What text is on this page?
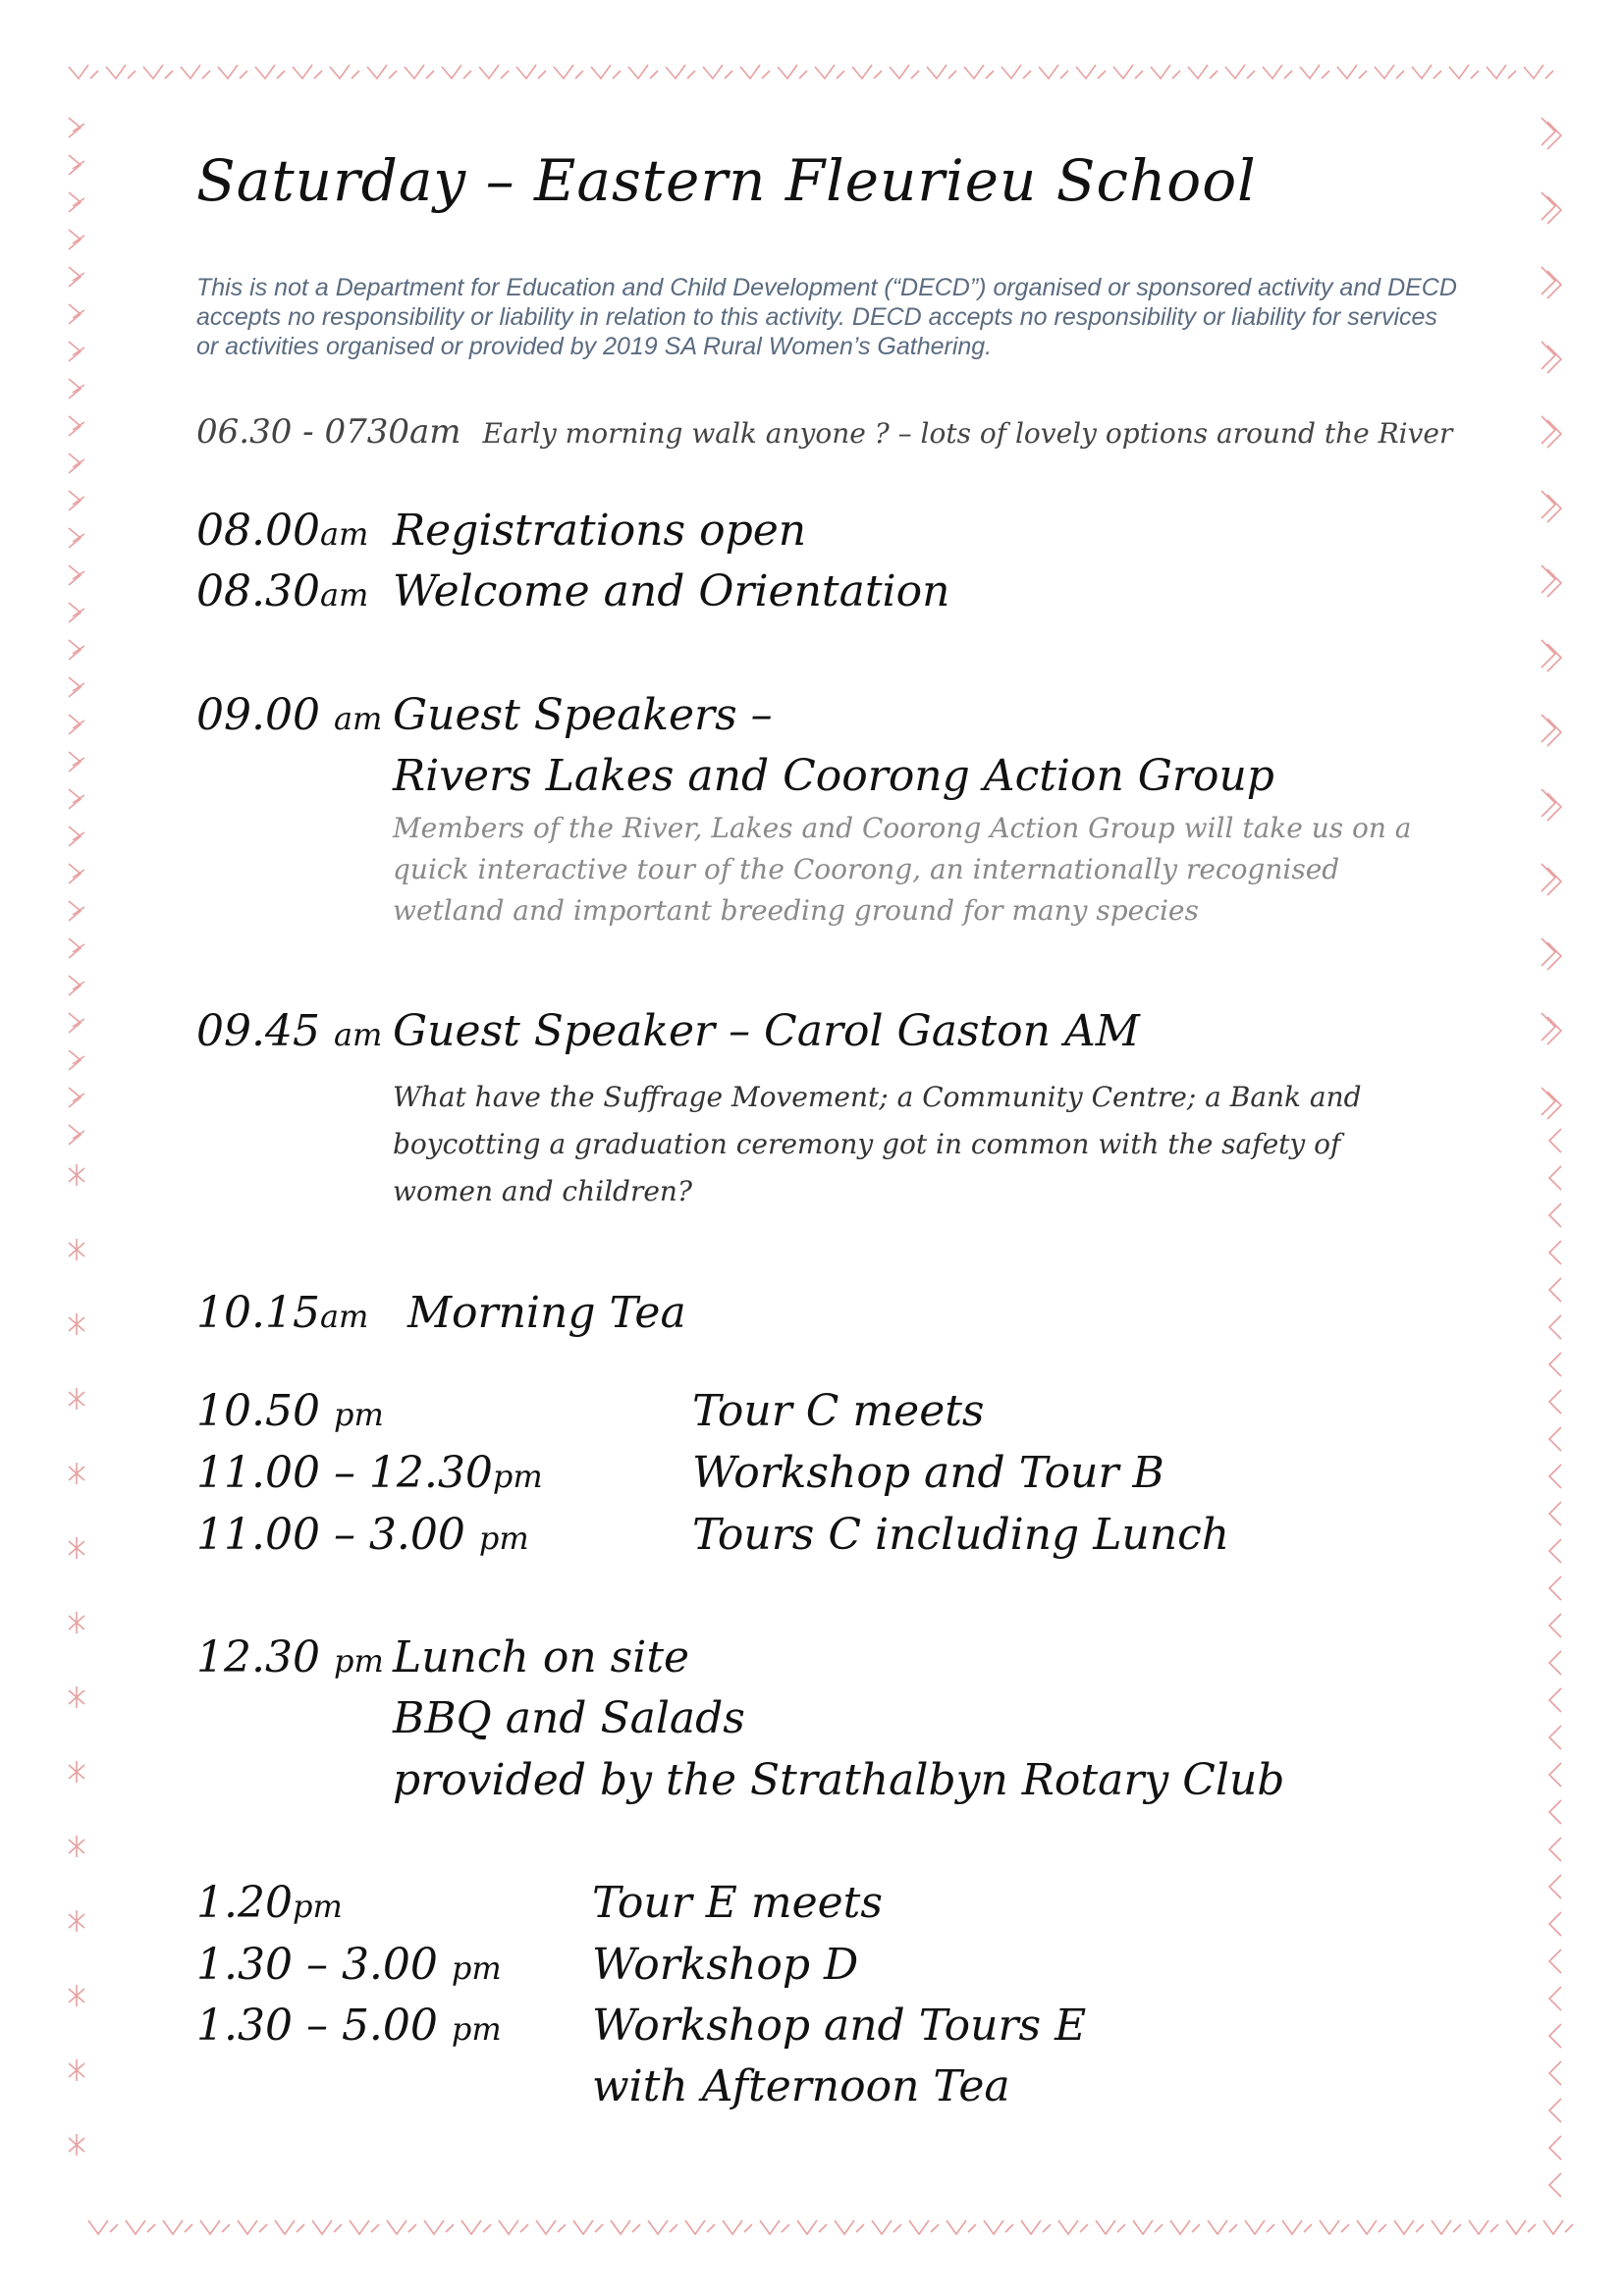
Saturday – Eastern Fleurieu School
This is not a Department for Education and Child Development (“DECD”) organised or sponsored activity and DECD accepts no responsibility or liability in relation to this activity. DECD accepts no responsibility or liability for services or activities organised or provided by 2019 SA Rural Women’s Gathering.
06.30 - 0730am Early morning walk anyone ? – lots of lovely options around the River
08.00am Registrations open
08.30am Welcome and Orientation
09.00 am Guest Speakers –
Rivers Lakes and Coorong Action Group
Members of the River, Lakes and Coorong Action Group will take us on a quick interactive tour of the Coorong, an internationally recognised wetland and important breeding ground for many species
09.45 am Guest Speaker – Carol Gaston AM
What have the Suffrage Movement; a Community Centre; a Bank and boycotting a graduation ceremony got in common with the safety of women and children?
10.15am Morning Tea
10.50 pm	Tour C meets
11.00 – 12.30pm	Workshop and Tour B
11.00 – 3.00 pm	Tours C including Lunch
12.30 pm Lunch on site
BBQ and Salads
provided by the Strathalbyn Rotary Club
1.20pm	Tour E meets
1.30 – 3.00 pm Workshop D
1.30 – 5.00 pm Workshop and Tours E
with Afternoon Tea
